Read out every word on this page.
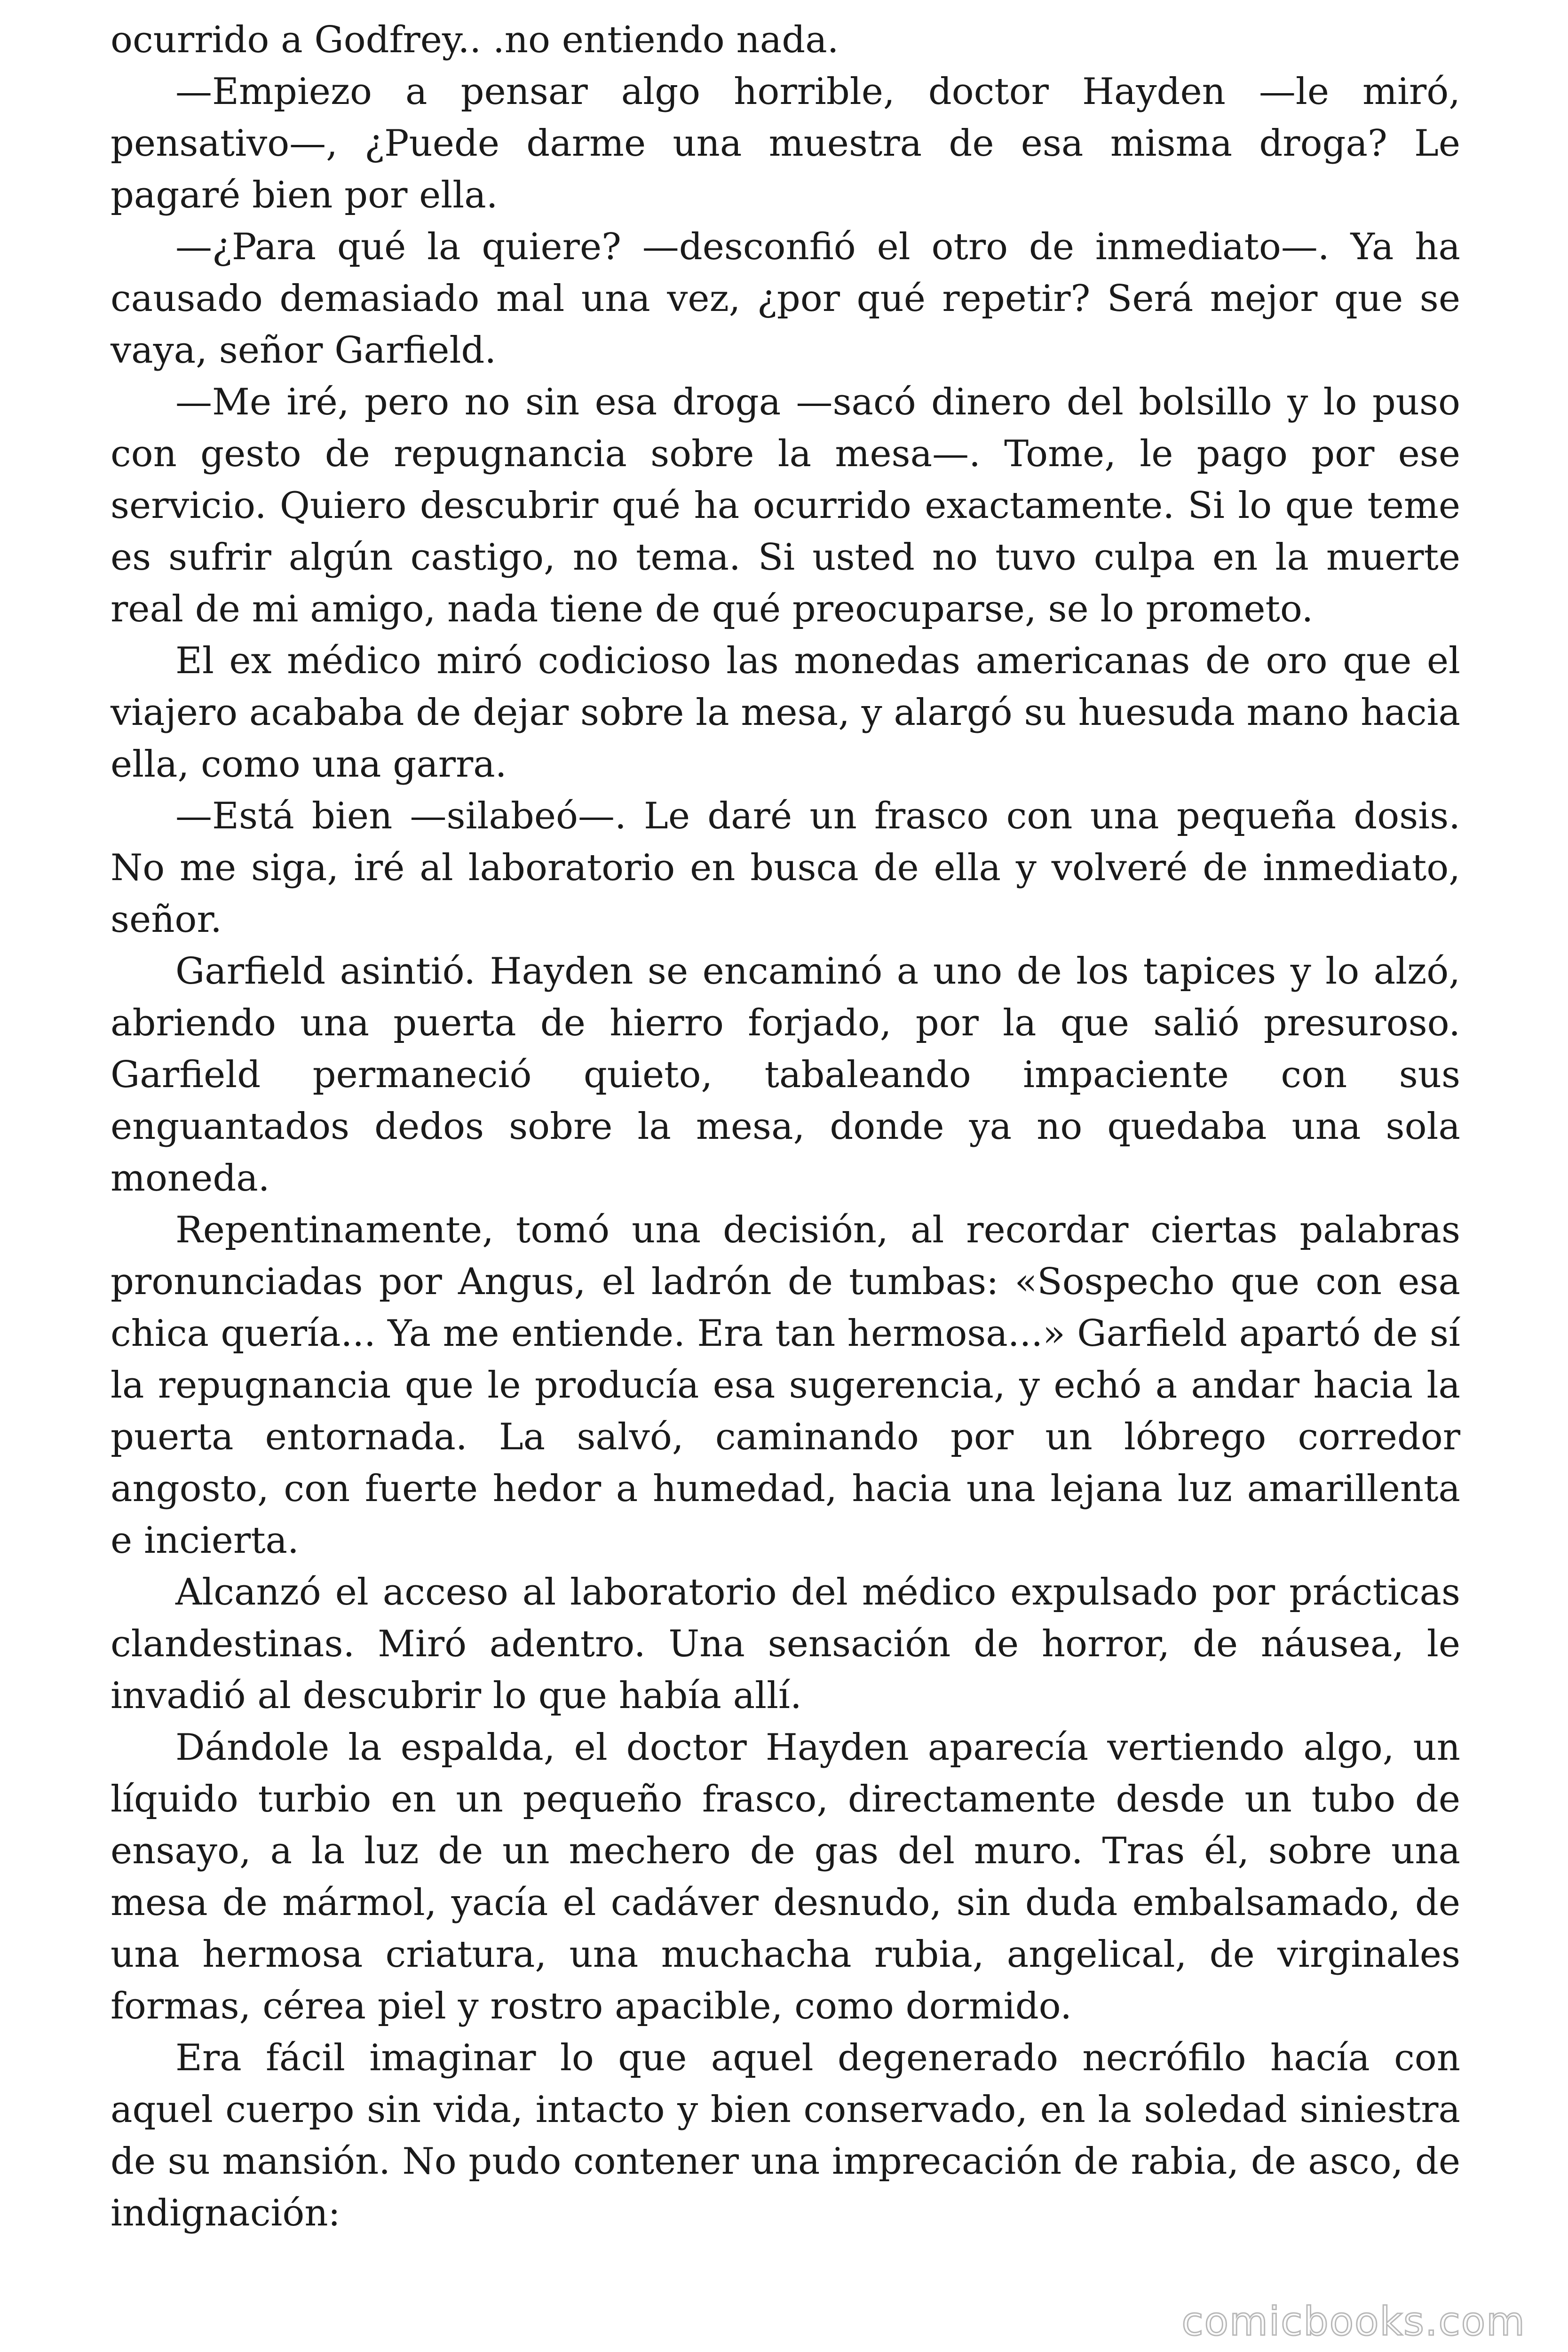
ocurrido a Godfrey.. .no entiendo nada.

—Empiezo a pensar algo horrible, doctor Hayden —le miró, pensativo—, ¿Puede darme una muestra de esa misma droga? Le pagaré bien por ella.

—¿Para qué la quiere? —desconfió el otro de inmediato—. Ya ha causado demasiado mal una vez, ¿por qué repetir? Será mejor que se vaya, señor Garfield.

—Me iré, pero no sin esa droga —sacó dinero del bolsillo y lo puso con gesto de repugnancia sobre la mesa—. Tome, le pago por ese servicio. Quiero descubrir qué ha ocurrido exactamente. Si lo que teme es sufrir algún castigo, no tema. Si usted no tuvo culpa en la muerte real de mi amigo, nada tiene de qué preocuparse, se lo prometo.

El ex médico miró codicioso las monedas americanas de oro que el viajero acababa de dejar sobre la mesa, y alargó su huesuda mano hacia ella, como una garra.

—Está bien —silabeó—. Le daré un frasco con una pequeña dosis. No me siga, iré al laboratorio en busca de ella y volveré de inmediato, señor.

Garfield asintió. Hayden se encaminó a uno de los tapices y lo alzó, abriendo una puerta de hierro forjado, por la que salió presuroso. Garfield permaneció quieto, tabaleando impaciente con sus enguantados dedos sobre la mesa, donde ya no quedaba una sola moneda.

Repentinamente, tomó una decisión, al recordar ciertas palabras pronunciadas por Angus, el ladrón de tumbas: «Sospecho que con esa chica quería... Ya me entiende. Era tan hermosa...» Garfield apartó de sí la repugnancia que le producía esa sugerencia, y echó a andar hacia la puerta entornada. La salvó, caminando por un lóbrego corredor angosto, con fuerte hedor a humedad, hacia una lejana luz amarillenta e incierta.

Alcanzó el acceso al laboratorio del médico expulsado por prácticas clandestinas. Miró adentro. Una sensación de horror, de náusea, le invadió al descubrir lo que había allí.

Dándole la espalda, el doctor Hayden aparecía vertiendo algo, un líquido turbio en un pequeño frasco, directamente desde un tubo de ensayo, a la luz de un mechero de gas del muro. Tras él, sobre una mesa de mármol, yacía el cadáver desnudo, sin duda embalsamado, de una hermosa criatura, una muchacha rubia, angelical, de virginales formas, cérea piel y rostro apacible, como dormido.

Era fácil imaginar lo que aquel degenerado necrófilo hacía con aquel cuerpo sin vida, intacto y bien conservado, en la soledad siniestra de su mansión. No pudo contener una imprecación de rabia, de asco, de indignación:

comicbooks.com
